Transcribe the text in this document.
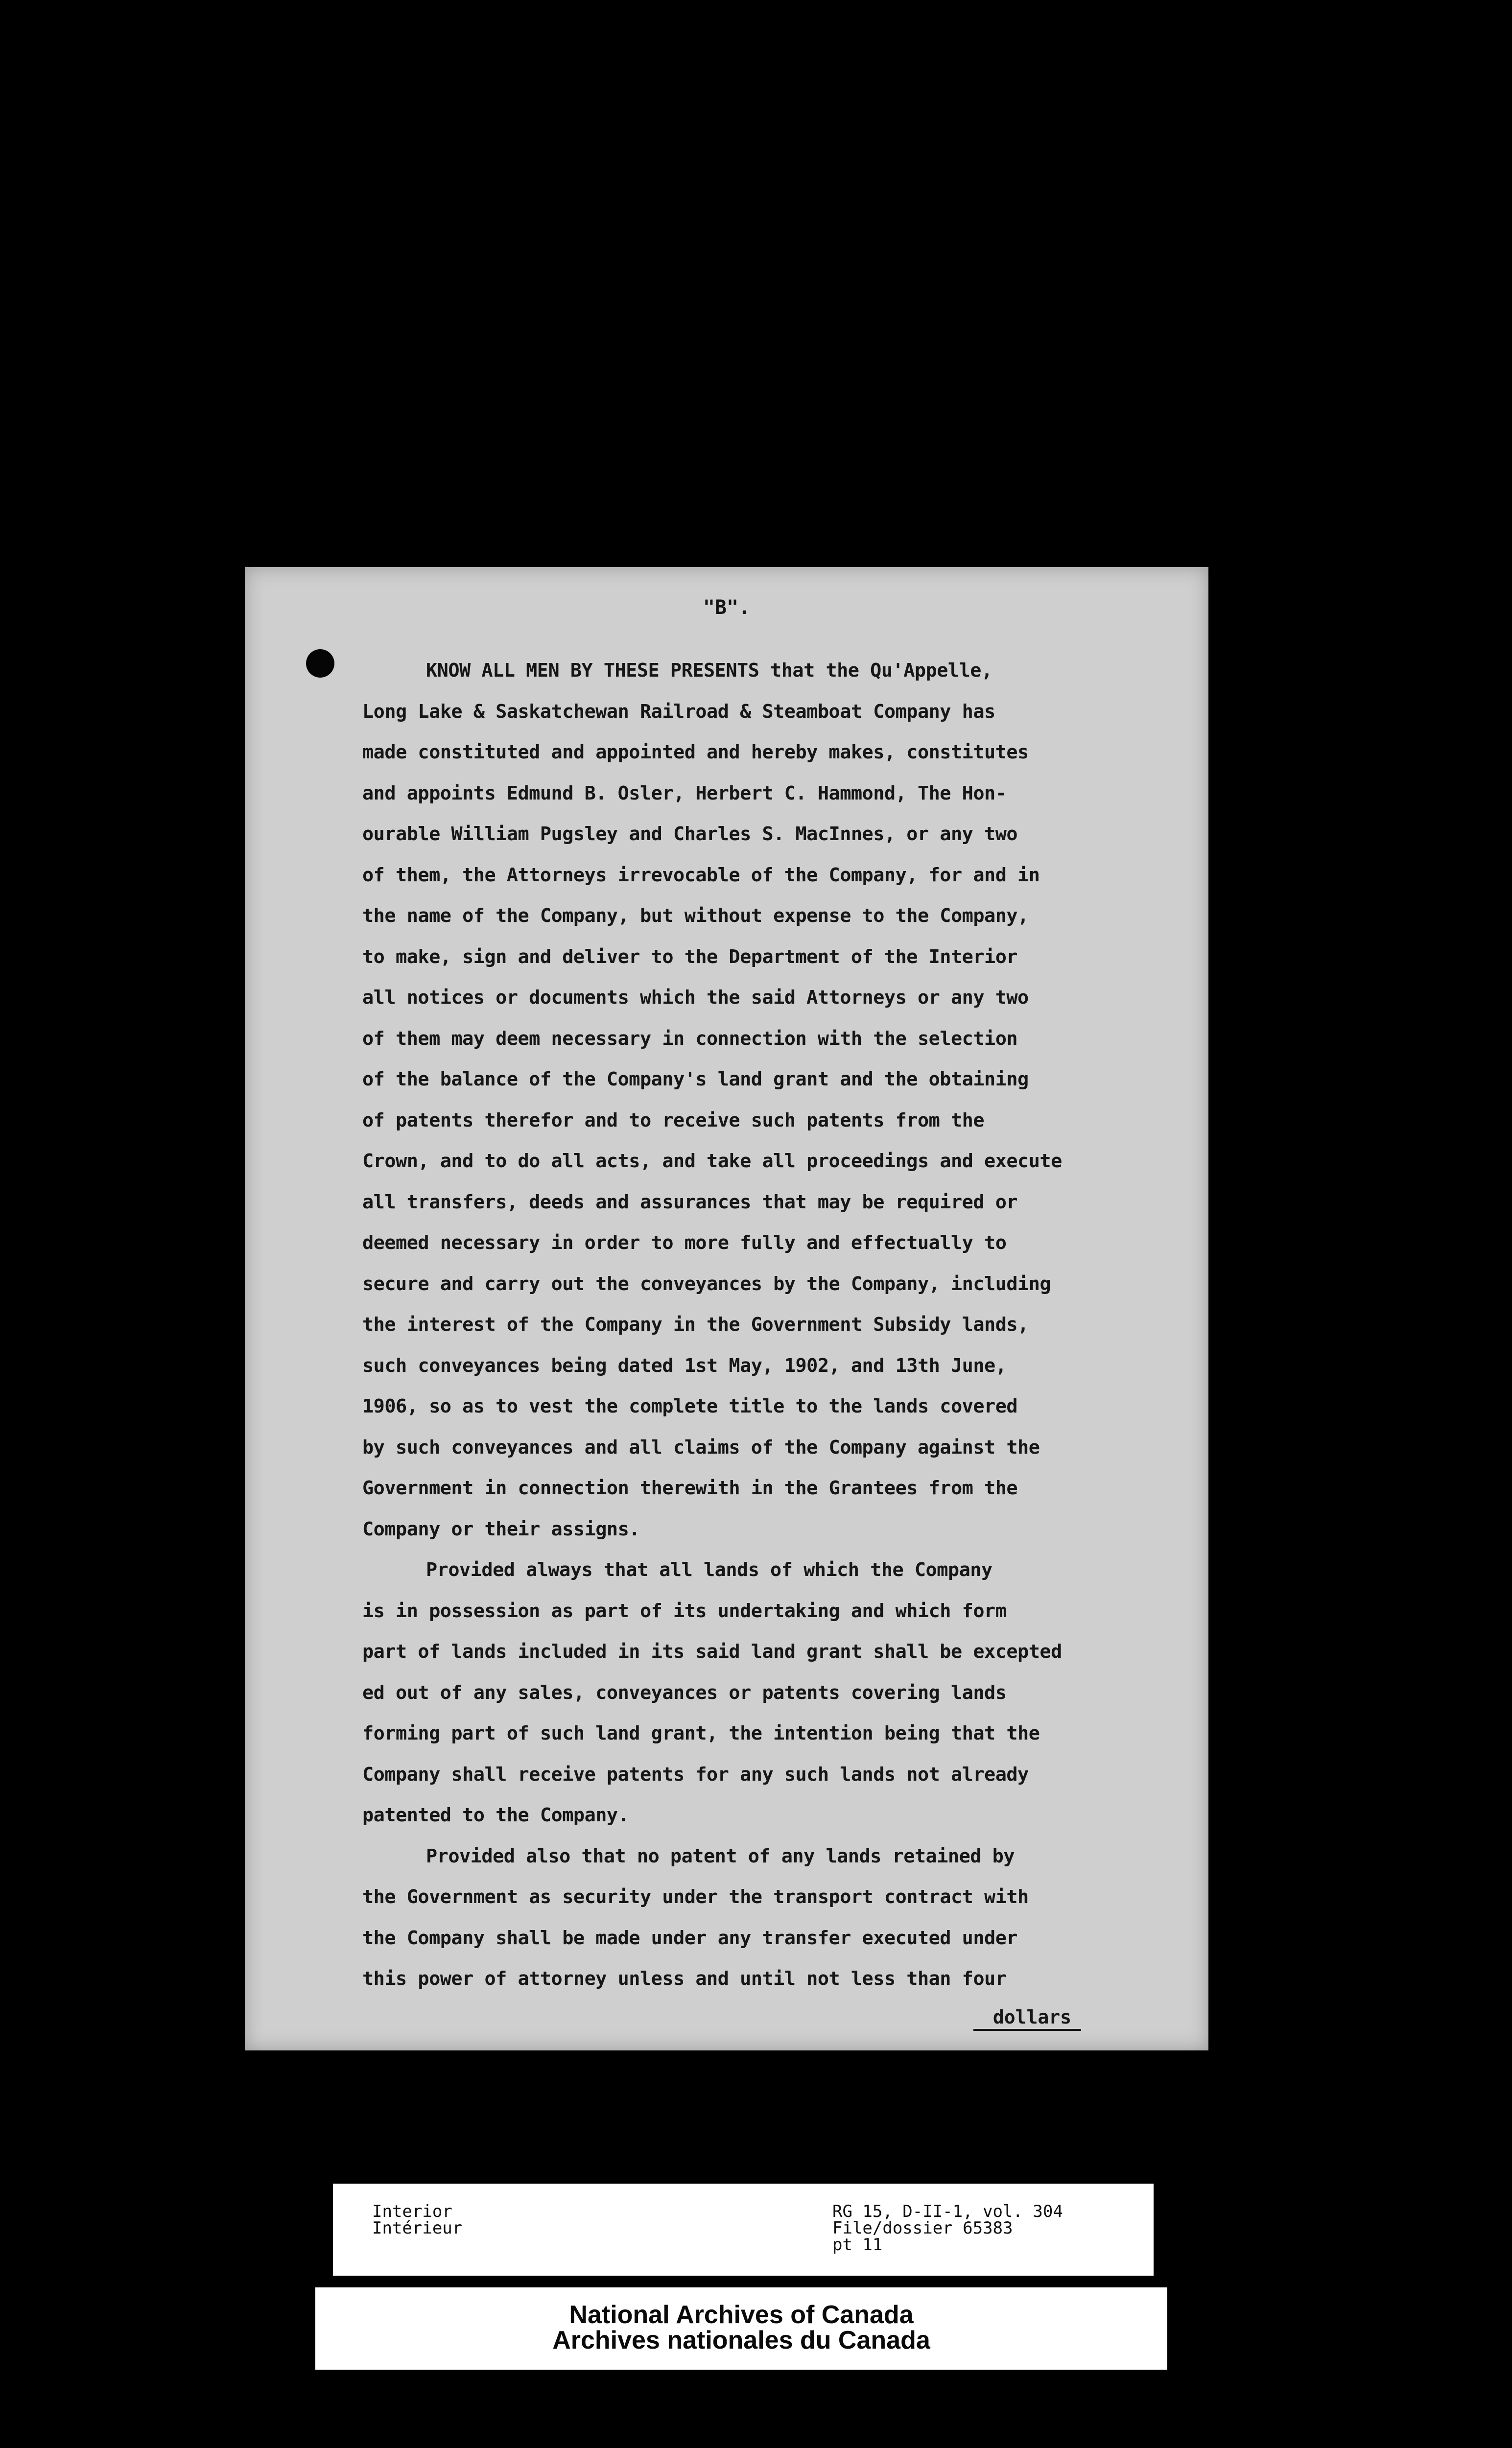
"B".
KNOW ALL MEN BY THESE PRESENTS that the Qu'Appelle,
Long Lake & Saskatchewan Railroad & Steamboat Company has
made constituted and appointed and hereby makes, constitutes
and appoints Edmund B. Osler, Herbert C. Hammond, The Hon-
ourable William Pugsley and Charles S. MacInnes, or any two
of them, the Attorneys irrevocable of the Company, for and in
the name of the Company, but without expense to the Company,
to make, sign and deliver to the Department of the Interior
all notices or documents which the said Attorneys or any two
of them may deem necessary in connection with the selection
of the balance of the Company's land grant and the obtaining
of patents therefor and to receive such patents from the
Crown, and to do all acts, and take all proceedings and execute
all transfers, deeds and assurances that may be required or
deemed necessary in order to more fully and effectually to
secure and carry out the conveyances by the Company, including
the interest of the Company in the Government Subsidy lands,
such conveyances being dated 1st May, 1902, and 13th June,
1906, so as to vest the complete title to the lands covered
by such conveyances and all claims of the Company against the
Government in connection therewith in the Grantees from the
Company or their assigns.
Provided always that all lands of which the Company
is in possession as part of its undertaking and which form
part of lands included in its said land grant shall be excepted
ed out of any sales, conveyances or patents covering lands
forming part of such land grant, the intention being that the
Company shall receive patents for any such lands not already
patented to the Company.
Provided also that no patent of any lands retained by
the Government as security under the transport contract with
the Company shall be made under any transfer executed under
this power of attorney unless and until not less than four
dollars
Interior
Intérieur
RG 15, D-II-1, vol. 304
File/dossier 65383
pt 11
National Archives of Canada
Archives nationales du Canada
